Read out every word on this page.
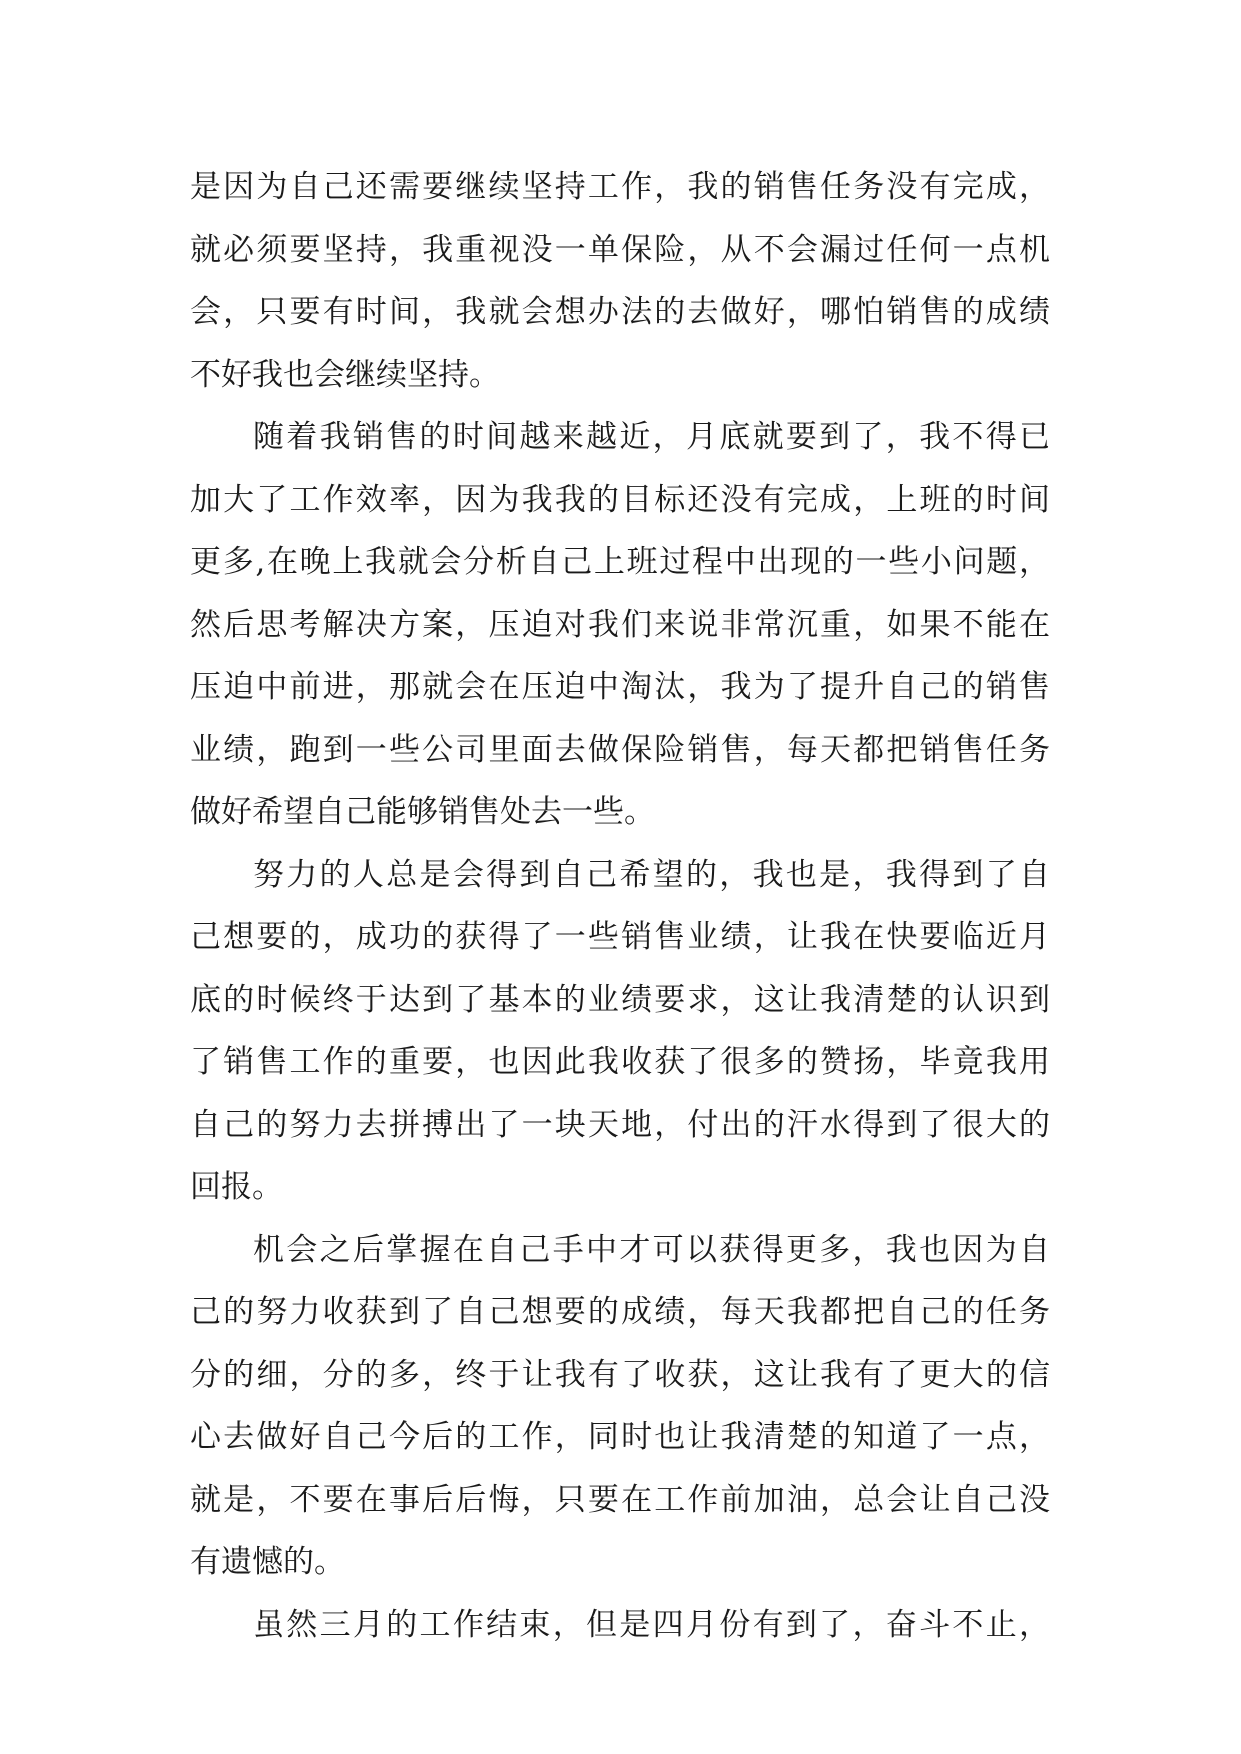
是因为自己还需要继续坚持工作，我的销售任务没有完成，
就必须要坚持，我重视没一单保险，从不会漏过任何一点机
会，只要有时间，我就会想办法的去做好，哪怕销售的成绩
不好我也会继续坚持。
随着我销售的时间越来越近，月底就要到了，我不得已
加大了工作效率，因为我我的目标还没有完成，上班的时间
更多,在晚上我就会分析自己上班过程中出现的一些小问题，
然后思考解决方案，压迫对我们来说非常沉重，如果不能在
压迫中前进，那就会在压迫中淘汰，我为了提升自己的销售
业绩，跑到一些公司里面去做保险销售，每天都把销售任务
做好希望自己能够销售处去一些。
努力的人总是会得到自己希望的，我也是，我得到了自
己想要的，成功的获得了一些销售业绩，让我在快要临近月
底的时候终于达到了基本的业绩要求，这让我清楚的认识到
了销售工作的重要，也因此我收获了很多的赞扬，毕竟我用
自己的努力去拼搏出了一块天地，付出的汗水得到了很大的
回报。
机会之后掌握在自己手中才可以获得更多，我也因为自
己的努力收获到了自己想要的成绩，每天我都把自己的任务
分的细，分的多，终于让我有了收获，这让我有了更大的信
心去做好自己今后的工作，同时也让我清楚的知道了一点，
就是，不要在事后后悔，只要在工作前加油，总会让自己没
有遗憾的。
虽然三月的工作结束，但是四月份有到了，奋斗不止，
